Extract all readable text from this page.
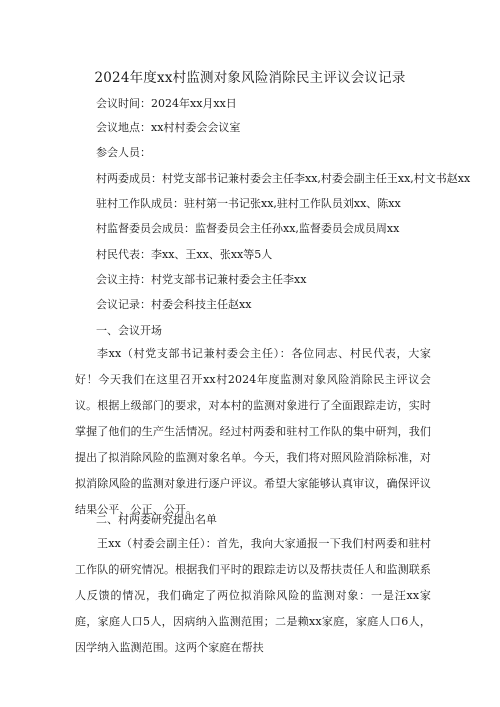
2024年度xx村监测对象风险消除民主评议会议记录
会议时间：2024年xx月xx日
会议地点：xx村村委会会议室
参会人员：
村两委成员：村党支部书记兼村委会主任李xx,村委会副主任王xx,村文书赵xx
驻村工作队成员：驻村第一书记张xx,驻村工作队员刘xx、陈xx
村监督委员会成员：监督委员会主任孙xx,监督委员会成员周xx
村民代表：李xx、王xx、张xx等5人
会议主持：村党支部书记兼村委会主任李xx
会议记录：村委会科技主任赵xx
一、会议开场
李xx（村党支部书记兼村委会主任）：各位同志、村民代表，大家好！今天我们在这里召开xx村2024年度监测对象风险消除民主评议会议。根据上级部门的要求，对本村的监测对象进行了全面跟踪走访，实时掌握了他们的生产生活情况。经过村两委和驻村工作队的集中研判，我们提出了拟消除风险的监测对象名单。今天，我们将对照风险消除标准，对拟消除风险的监测对象进行逐户评议。希望大家能够认真审议，确保评议结果公平、公正、公开。
二、村两委研究提出名单
王xx（村委会副主任）：首先，我向大家通报一下我们村两委和驻村工作队的研究情况。根据我们平时的跟踪走访以及帮扶责任人和监测联系人反馈的情况，我们确定了两位拟消除风险的监测对象：一是汪xx家庭，家庭人口5人，因病纳入监测范围；二是赖xx家庭，家庭人口6人，因学纳入监测范围。这两个家庭在帮扶
